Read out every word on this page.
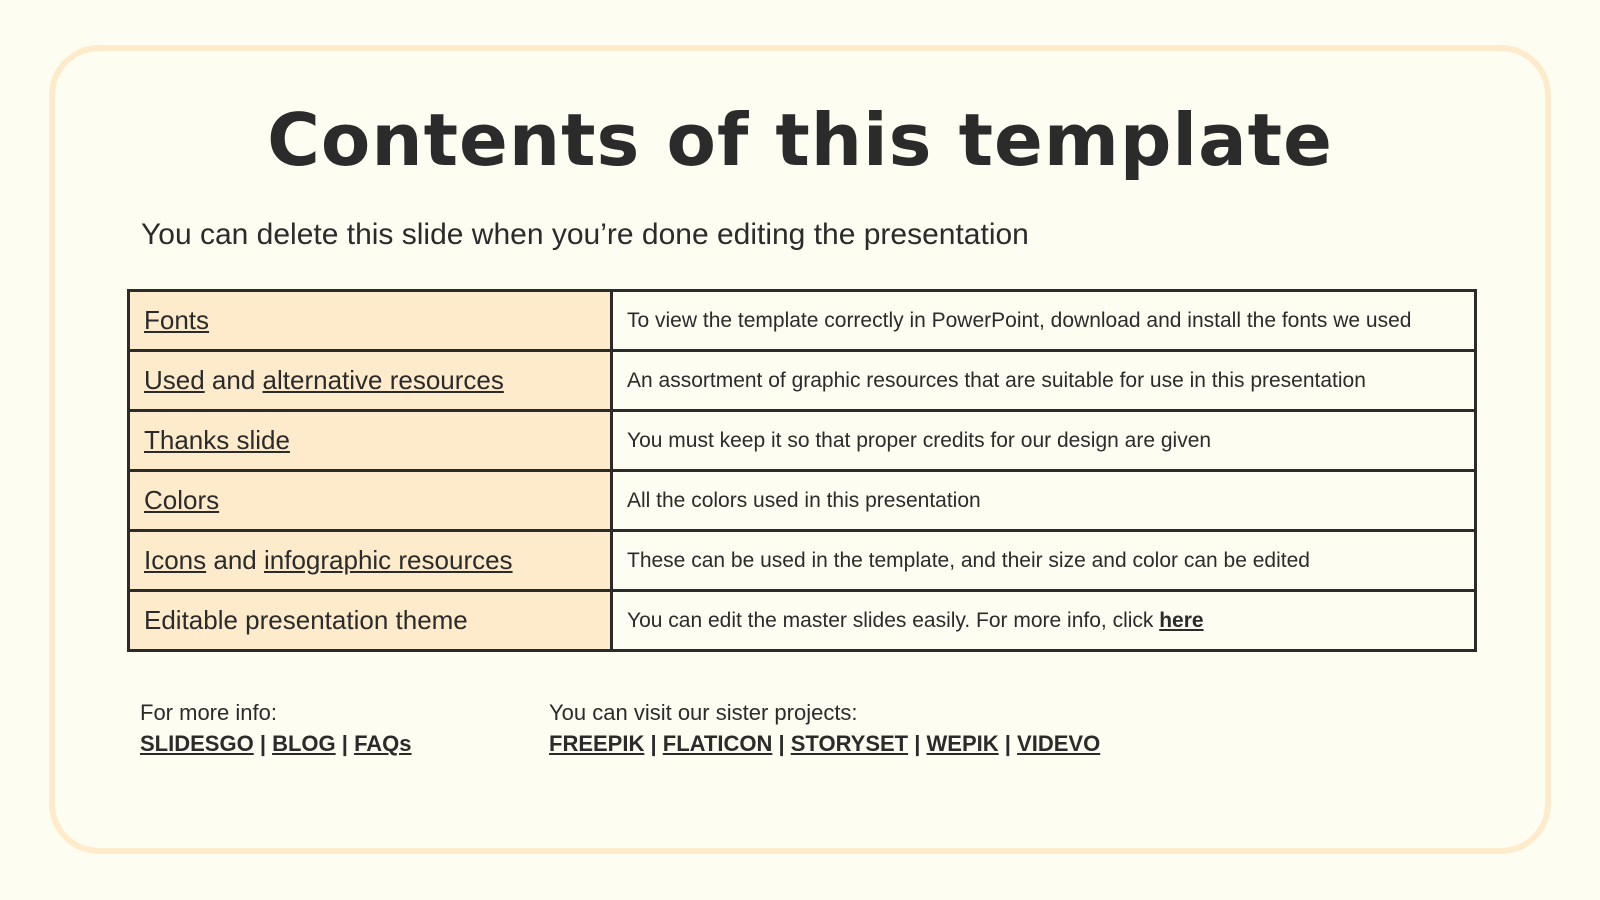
Contents of this template

You can delete this slide when you’re done editing the presentation

Fonts	To view the template correctly in PowerPoint, download and install the fonts we used
Used and alternative resources	An assortment of graphic resources that are suitable for use in this presentation
Thanks slide	You must keep it so that proper credits for our design are given
Colors	All the colors used in this presentation
Icons and infographic resources	These can be used in the template, and their size and color can be edited
Editable presentation theme	You can edit the master slides easily. For more info, click here
For more info:
SLIDESGO | BLOG | FAQs
You can visit our sister projects:
FREEPIK | FLATICON | STORYSET | WEPIK | VIDEVO
